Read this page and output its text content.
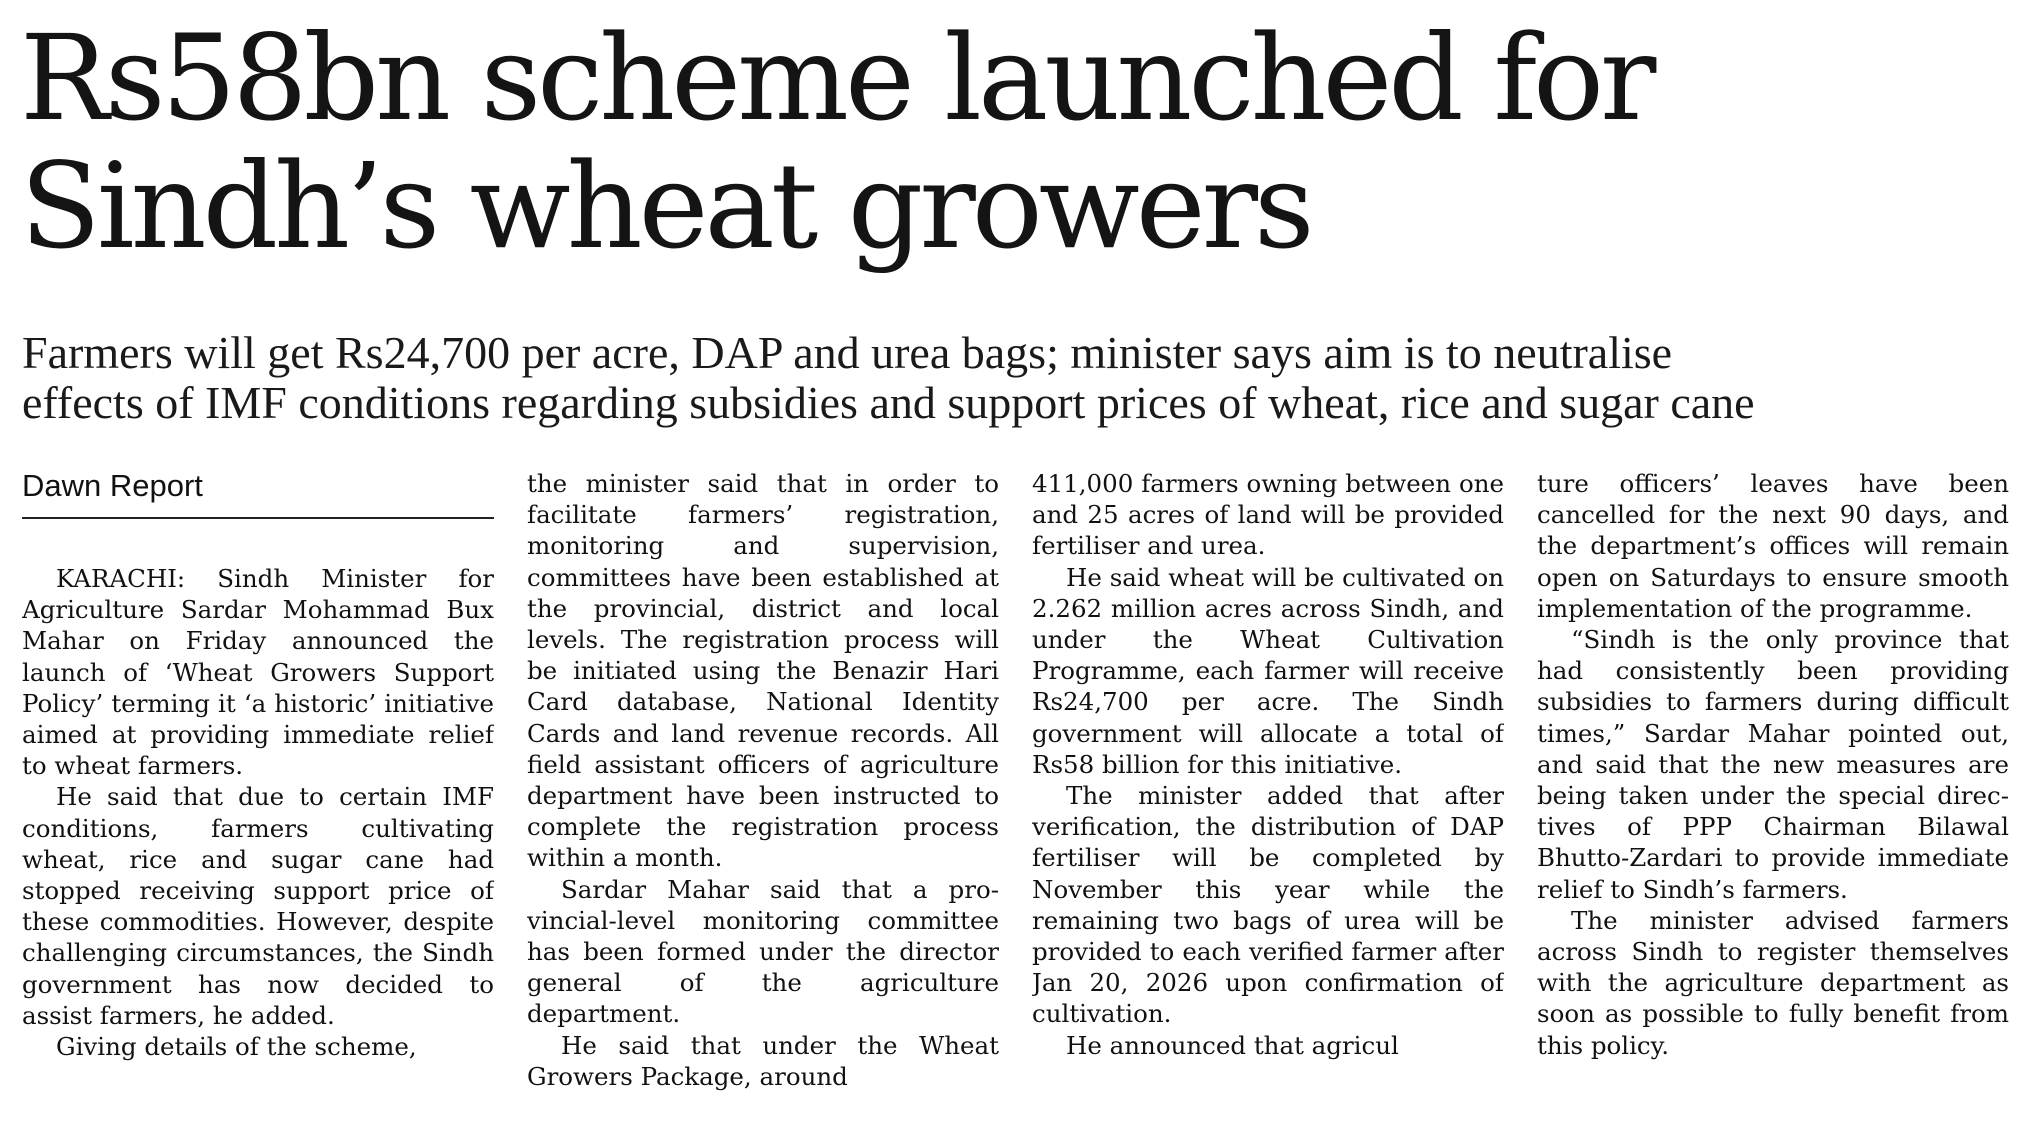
Rs58bn scheme launched for
Sindh’s wheat growers
Farmers will get Rs24,700 per acre, DAP and urea bags; minister says aim is to neutralise
effects of IMF conditions regarding subsidies and support prices of wheat, rice and sugar cane
Dawn Report

KARACHI: Sindh Minister for Agriculture Sardar Mohammad Bux Mahar on Friday announced the launch of ‘Wheat Growers Support Policy’ terming it ‘a historic’ initiative aimed at providing immediate relief to wheat farmers.

He said that due to certain IMF conditions, farmers cultivating wheat, rice and sugar cane had stopped receiving support price of these commodities. However, despite challenging circumstances, the Sindh government has now decided to assist farmers, he added.

Giving details of the scheme,

the minister said that in order to facilitate farmers’ registration, monitoring and supervision, committees have been established at the provincial, district and local levels. The registration process will be initiated using the Benazir Hari Card database, National Identity Cards and land revenue records. All field assistant officers of agriculture department have been instructed to complete the registration process within a month.

Sardar Mahar said that a provincial-level monitoring committee has been formed under the director general of the agriculture department.

He said that under the Wheat Growers Package, around

411,000 farmers owning between one and 25 acres of land will be provided fertiliser and urea.

He said wheat will be cultivated on 2.262 million acres across Sindh, and under the Wheat Cultivation Programme, each farmer will receive Rs24,700 per acre. The Sindh government will allocate a total of Rs58 billion for this initiative.

The minister added that after verification, the distribution of DAP fertiliser will be completed by November this year while the remaining two bags of urea will be provided to each verified farmer after Jan 20, 2026 upon confirmation of cultivation.

He announced that agricul

ture officers’ leaves have been cancelled for the next 90 days, and the department’s offices will remain open on Saturdays to ensure smooth implementation of the programme.

“Sindh is the only province that had consistently been providing subsidies to farmers during difficult times,” Sardar Mahar pointed out, and said that the new measures are being taken under the special directives of PPP Chairman Bilawal Bhutto-Zardari to provide immediate relief to Sindh’s farmers.

The minister advised farmers across Sindh to register themselves with the agriculture department as soon as possible to fully benefit from this policy.
